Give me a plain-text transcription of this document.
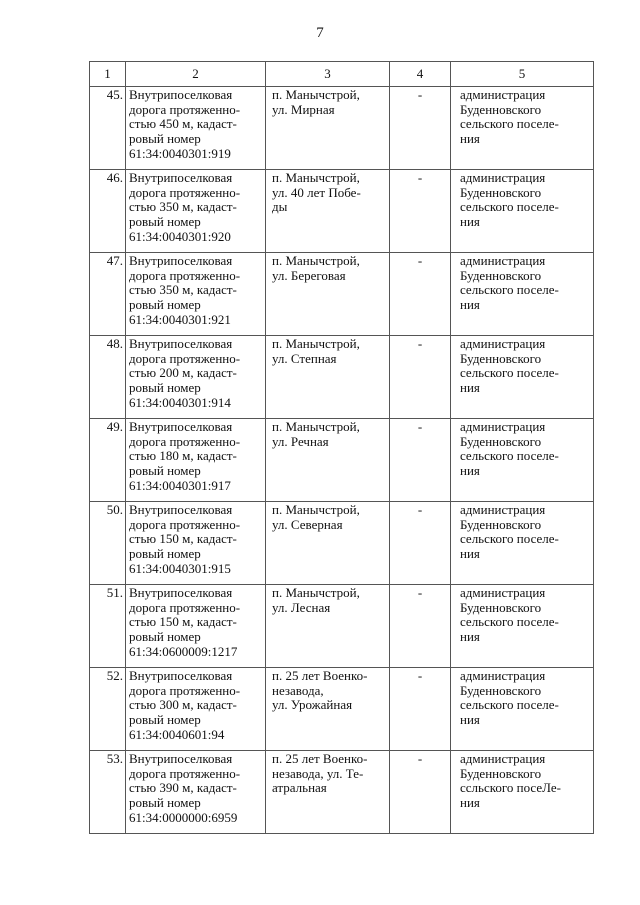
7
1	2	3	4	5
45.	Внутрипоселковая
дорога протяженно-
стью 450 м, кадаст-
ровый номер
61:34:0040301:919	п. Манычстрой,
ул. Мирная	-	администрация
Буденновского
сельского поселе-
ния

46.	Внутрипоселковая
дорога протяженно-
стью 350 м, кадаст-
ровый номер
61:34:0040301:920	п. Манычстрой,
ул. 40 лет Побе-
ды	-	администрация
Буденновского
сельского поселе-
ния

47.	Внутрипоселковая
дорога протяженно-
стью 350 м, кадаст-
ровый номер
61:34:0040301:921	п. Манычстрой,
ул. Береговая	-	администрация
Буденновского
сельского поселе-
ния

48.	Внутрипоселковая
дорога протяженно-
стью 200 м, кадаст-
ровый номер
61:34:0040301:914	п. Манычстрой,
ул. Степная	-	администрация
Буденновского
сельского поселе-
ния

49.	Внутрипоселковая
дорога протяженно-
стью 180 м, кадаст-
ровый номер
61:34:0040301:917	п. Манычстрой,
ул. Речная	-	администрация
Буденновского
сельского поселе-
ния

50.	Внутрипоселковая
дорога протяженно-
стью 150 м, кадаст-
ровый номер
61:34:0040301:915	п. Манычстрой,
ул. Северная	-	администрация
Буденновского
сельского поселе-
ния

51.	Внутрипоселковая
дорога протяженно-
стью 150 м, кадаст-
ровый номер
61:34:0600009:1217	п. Манычстрой,
ул. Лесная	-	администрация
Буденновского
сельского поселе-
ния

52.	Внутрипоселковая
дорога протяженно-
стью 300 м, кадаст-
ровый номер
61:34:0040601:94	п. 25 лет Военко-
незавода,
ул. Урожайная	-	администрация
Буденновского
сельского поселе-
ния

53.	Внутрипоселковая
дорога протяженно-
стью 390 м, кадаст-
ровый номер
61:34:0000000:6959	п. 25 лет Военко-
незавода, ул. Те-
атральная	-	администрация
Буденновского
ссльского посеЛе-
ния
